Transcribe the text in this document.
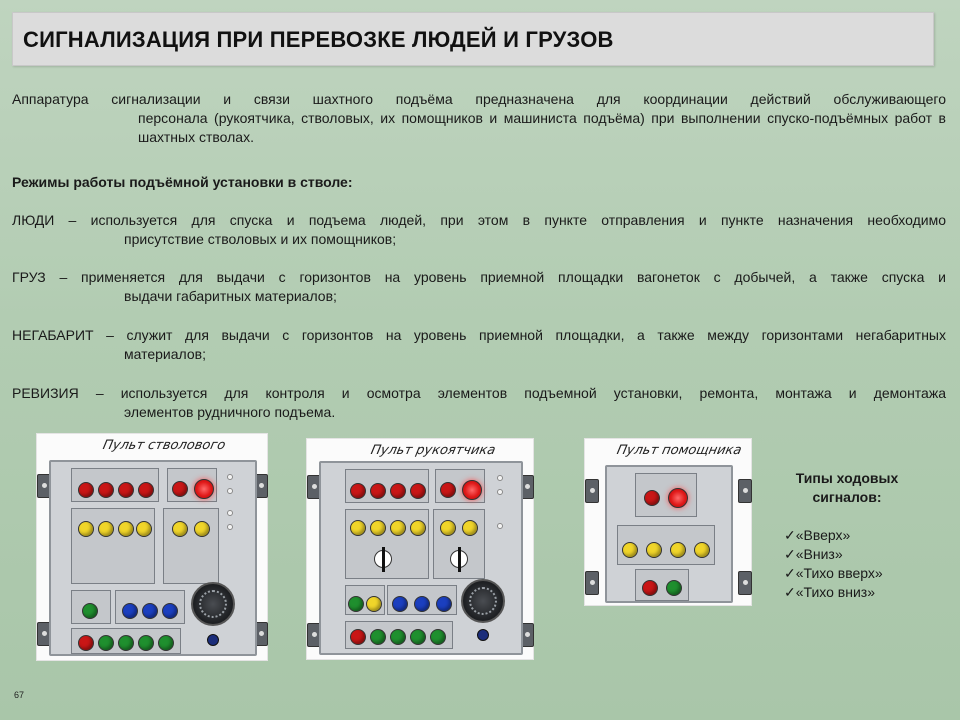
СИГНАЛИЗАЦИЯ ПРИ ПЕРЕВОЗКЕ ЛЮДЕЙ И ГРУЗОВ
Аппаратура сигнализации и связи шахтного подъёма предназначена для координации действий обслуживающего
персонала (рукоятчика, стволовых, их помощников и машиниста подъёма) при выполнении спуско-подъёмных работ в шахтных стволах.
Режимы работы подъёмной установки в стволе:
ЛЮДИ – используется для спуска и подъема людей, при этом в пункте отправления и пункте назначения необходимо
присутствие стволовых и их помощников;
ГРУЗ – применяется для выдачи с горизонтов на уровень приемной площадки вагонеток с добычей, а также спуска и
выдачи габаритных материалов;
НЕГАБАРИТ – служит для выдачи с горизонтов на уровень приемной площадки, а также между горизонтами негабаритных
материалов;
РЕВИЗИЯ – используется для контроля и осмотра элементов подъемной установки, ремонта, монтажа и демонтажа
элементов рудничного подъема.
Пульт стволового	Пульт рукоятчика	Пульт помощника
Типы ходовых сигналов:
✓«Вверх»
✓«Вниз»
✓«Тихо вверх»
✓«Тихо вниз»
67
